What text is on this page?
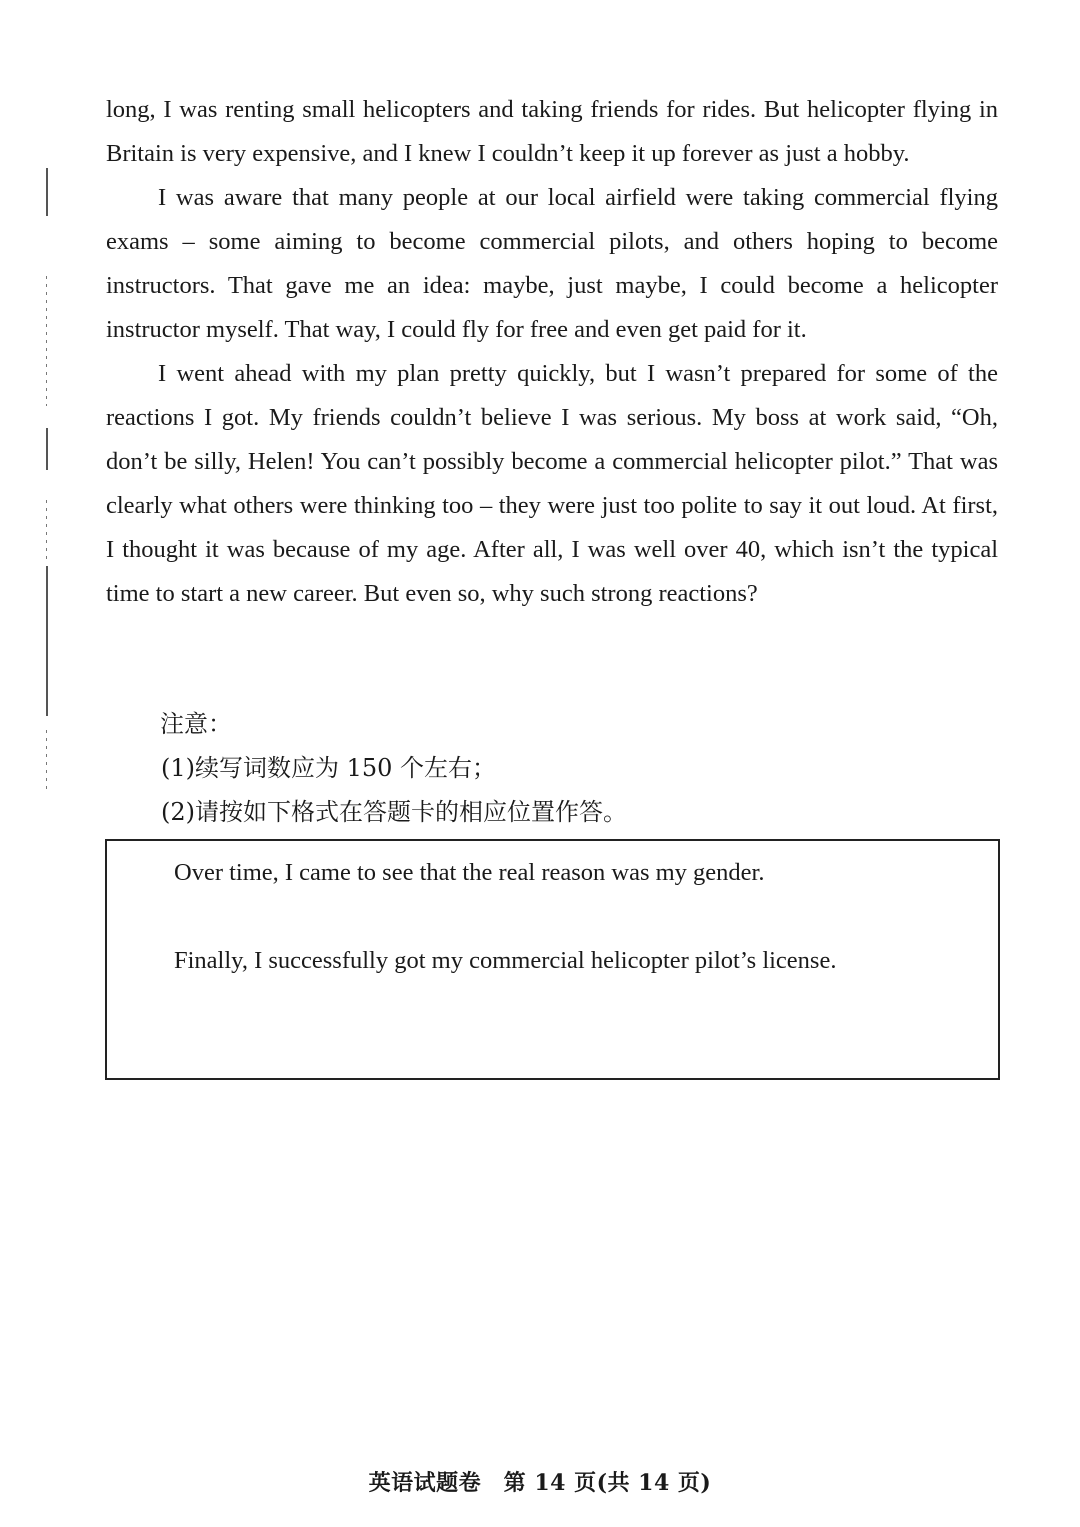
long, I was renting small helicopters and taking friends for rides. But helicopter flying in Britain is very expensive, and I knew I couldn’t keep it up forever as just a hobby.

I was aware that many people at our local airfield were taking commercial flying exams – some aiming to become commercial pilots, and others hoping to become instructors. That gave me an idea: maybe, just maybe, I could become a helicopter instructor myself. That way, I could fly for free and even get paid for it.

I went ahead with my plan pretty quickly, but I wasn’t prepared for some of the reactions I got. My friends couldn’t believe I was serious. My boss at work said, “Oh, don’t be silly, Helen! You can’t possibly become a commercial helicopter pilot.” That was clearly what others were thinking too – they were just too polite to say it out loud. At first, I thought it was because of my age. After all, I was well over 40, which isn’t the typical time to start a new career. But even so, why such strong reactions?

注意：

(1)续写词数应为 150 个左右；

(2)请按如下格式在答题卡的相应位置作答。

Over time, I came to see that the real reason was my gender.
Finally, I successfully got my commercial helicopter pilot’s license.
英语试题卷　第 14 页(共 14 页)
